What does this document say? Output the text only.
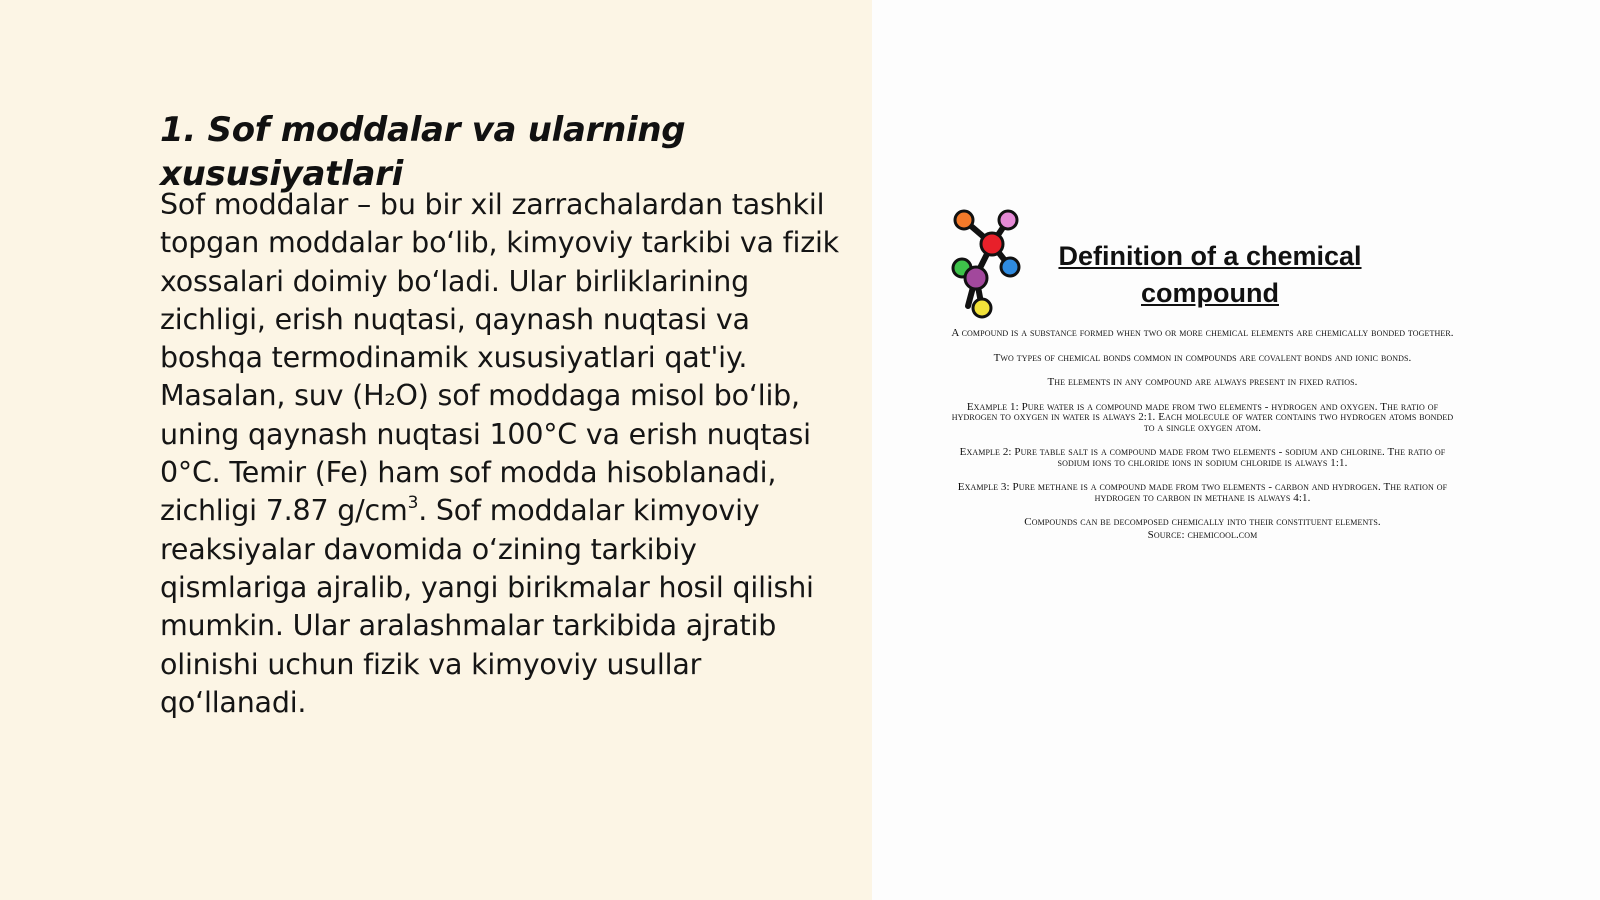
1. Sof moddalar va ularning xususiyatlari

Sof moddalar – bu bir xil zarrachalardan tashkil topgan moddalar bo‘lib, kimyoviy tarkibi va fizik xossalari doimiy bo‘ladi. Ular birliklarining zichligi, erish nuqtasi, qaynash nuqtasi va boshqa termodinamik xususiyatlari qat'iy. Masalan, suv (H₂O) sof moddaga misol bo‘lib, uning qaynash nuqtasi 100°C va erish nuqtasi 0°C. Temir (Fe) ham sof modda hisoblanadi, zichligi 7.87 $g/cm^3$. Sof moddalar kimyoviy reaksiyalar davomida o‘zining tarkibiy qismlariga ajralib, yangi birikmalar hosil qilishi mumkin. Ular aralashmalar tarkibida ajratib olinishi uchun fizik va kimyoviy usullar qo‘llanadi.

Definition of a chemical compound

A compound is a substance formed when two or more chemical elements are chemically bonded together.

Two types of chemical bonds common in compounds are covalent bonds and ionic bonds.

The elements in any compound are always present in fixed ratios.

Example 1: Pure water is a compound made from two elements - hydrogen and oxygen. The ratio of hydrogen to oxygen in water is always 2:1. Each molecule of water contains two hydrogen atoms bonded to a single oxygen atom.

Example 2: Pure table salt is a compound made from two elements - sodium and chlorine. The ratio of sodium ions to chloride ions in sodium chloride is always 1:1.

Example 3: Pure methane is a compound made from two elements - carbon and hydrogen. The ration of hydrogen to carbon in methane is always 4:1.

Compounds can be decomposed chemically into their constituent elements.

Source: chemicool.com
